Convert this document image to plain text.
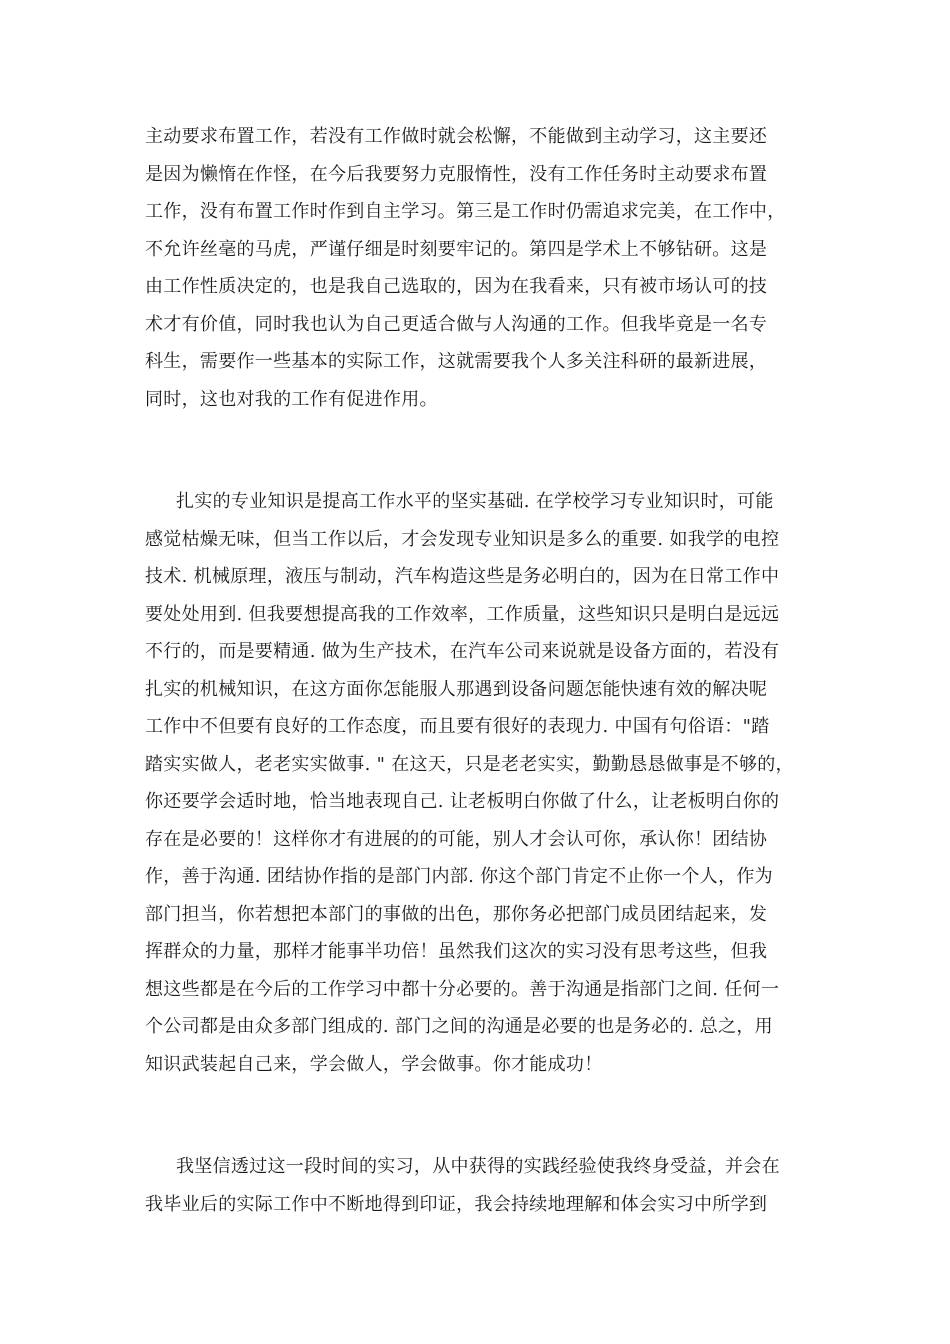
主动要求布置工作，若没有工作做时就会松懈，不能做到主动学习，这主要还
是因为懒惰在作怪，在今后我要努力克服惰性，没有工作任务时主动要求布置
工作，没有布置工作时作到自主学习。第三是工作时仍需追求完美，在工作中，
不允许丝毫的马虎，严谨仔细是时刻要牢记的。第四是学术上不够钻研。这是
由工作性质决定的，也是我自己选取的，因为在我看来，只有被市场认可的技
术才有价值，同时我也认为自己更适合做与人沟通的工作。但我毕竟是一名专
科生，需要作一些基本的实际工作，这就需要我个人多关注科研的最新进展，
同时，这也对我的工作有促进作用。
扎实的专业知识是提高工作水平的坚实基础. 在学校学习专业知识时，可能
感觉枯燥无味，但当工作以后，才会发现专业知识是多么的重要. 如我学的电控
技术. 机械原理，液压与制动，汽车构造这些是务必明白的，因为在日常工作中
要处处用到. 但我要想提高我的工作效率，工作质量，这些知识只是明白是远远
不行的，而是要精通. 做为生产技术，在汽车公司来说就是设备方面的，若没有
扎实的机械知识，在这方面你怎能服人那遇到设备问题怎能快速有效的解决呢
工作中不但要有良好的工作态度，而且要有很好的表现力. 中国有句俗语："踏
踏实实做人，老老实实做事. " 在这天，只是老老实实，勤勤恳恳做事是不够的，
你还要学会适时地，恰当地表现自己. 让老板明白你做了什么，让老板明白你的
存在是必要的！这样你才有进展的的可能，别人才会认可你，承认你！团结协
作，善于沟通. 团结协作指的是部门内部. 你这个部门肯定不止你一个人，作为
部门担当，你若想把本部门的事做的出色，那你务必把部门成员团结起来，发
挥群众的力量，那样才能事半功倍！虽然我们这次的实习没有思考这些，但我
想这些都是在今后的工作学习中都十分必要的。善于沟通是指部门之间. 任何一
个公司都是由众多部门组成的. 部门之间的沟通是必要的也是务必的. 总之，用
知识武装起自己来，学会做人，学会做事。你才能成功！
我坚信透过这一段时间的实习，从中获得的实践经验使我终身受益，并会在
我毕业后的实际工作中不断地得到印证，我会持续地理解和体会实习中所学到
